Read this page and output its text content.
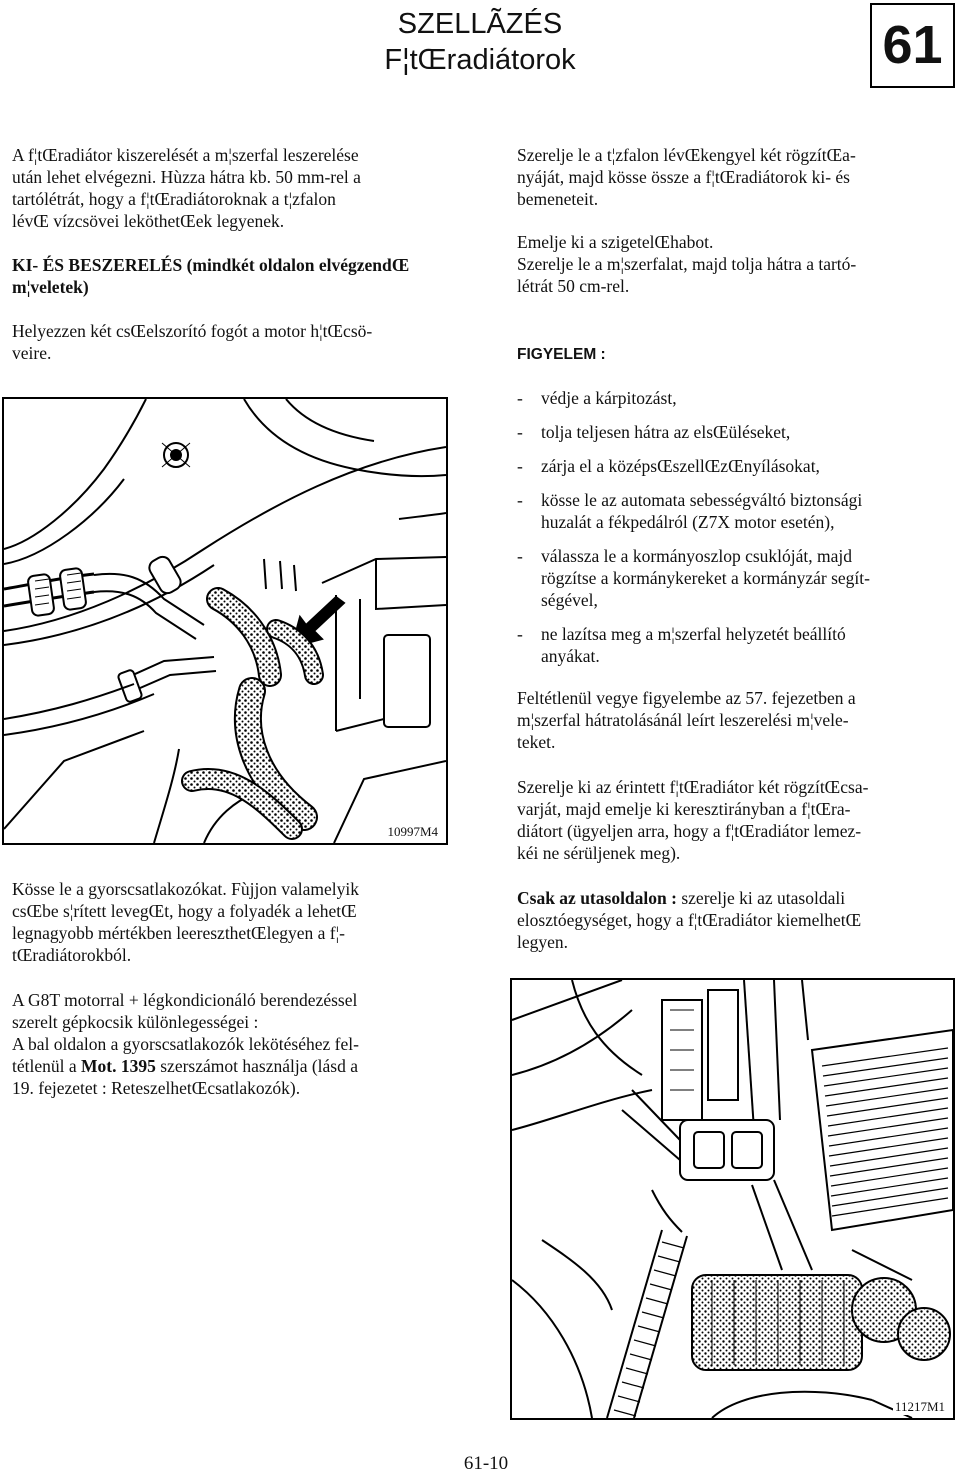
SZELLÃZÉS
F¦tŒradiátorok	61
A f¦tŒradiátor kiszerelését a m¦szerfal leszerelése
után lehet elvégezni. Hùzza hátra kb. 50 mm-rel a
tartólétrát, hogy a f¦tŒradiátoroknak a t¦zfalon
lévŒ vízcsövei leköthetŒek legyenek.
KI- ÉS BESZERELÉS (mindkét oldalon elvégzendŒ
m¦veletek)
Helyezzen két csŒelszorító fogót a motor h¦tŒcsö-
veire.
10997M4
Kösse le a gyorscsatlakozókat. Fùjjon valamelyik
csŒbe s¦rített levegŒt, hogy a folyadék a lehetŒ
legnagyobb mértékben leereszthetŒlegyen a f¦-
tŒradiátorokból.
A G8T motorral + légkondicionáló berendezéssel
szerelt gépkocsik különlegességei :
A bal oldalon a gyorscsatlakozók lekötéséhez fel-
tétlenül a Mot. 1395 szerszámot használja (lásd a
19. fejezetet : ReteszelhetŒcsatlakozók).
Szerelje le a t¦zfalon lévŒkengyel két rögzítŒa-
nyáját, majd kösse össze a f¦tŒradiátorok ki- és
bemeneteit.
Emelje ki a szigetelŒhabot.
Szerelje le a m¦szerfalat, majd tolja hátra a tartó-
létrát 50 cm-rel.
FIGYELEM :
- védje a kárpitozást,
- tolja teljesen hátra az elsŒüléseket,
- zárja el a középsŒszellŒzŒnyílásokat,
- kösse le az automata sebességváltó biztonsági
huzalát a fékpedálról (Z7X motor esetén),
- válassza le a kormányoszlop csuklóját, majd
rögzítse a kormánykereket a kormányzár segít-
ségével,
- ne lazítsa meg a m¦szerfal helyzetét beállító
anyákat.
Feltétlenül vegye figyelembe az 57. fejezetben a
m¦szerfal hátratolásánál leírt leszerelési m¦vele-
teket.
Szerelje ki az érintett f¦tŒradiátor két rögzítŒcsa-
varját, majd emelje ki keresztirányban a f¦tŒra-
diátort (ügyeljen arra, hogy a f¦tŒradiátor lemez-
kéi ne sérüljenek meg).
Csak az utasoldalon : szerelje ki az utasoldali
elosztóegységet, hogy a f¦tŒradiátor kiemelhetŒ
legyen.
11217M1
61-10
